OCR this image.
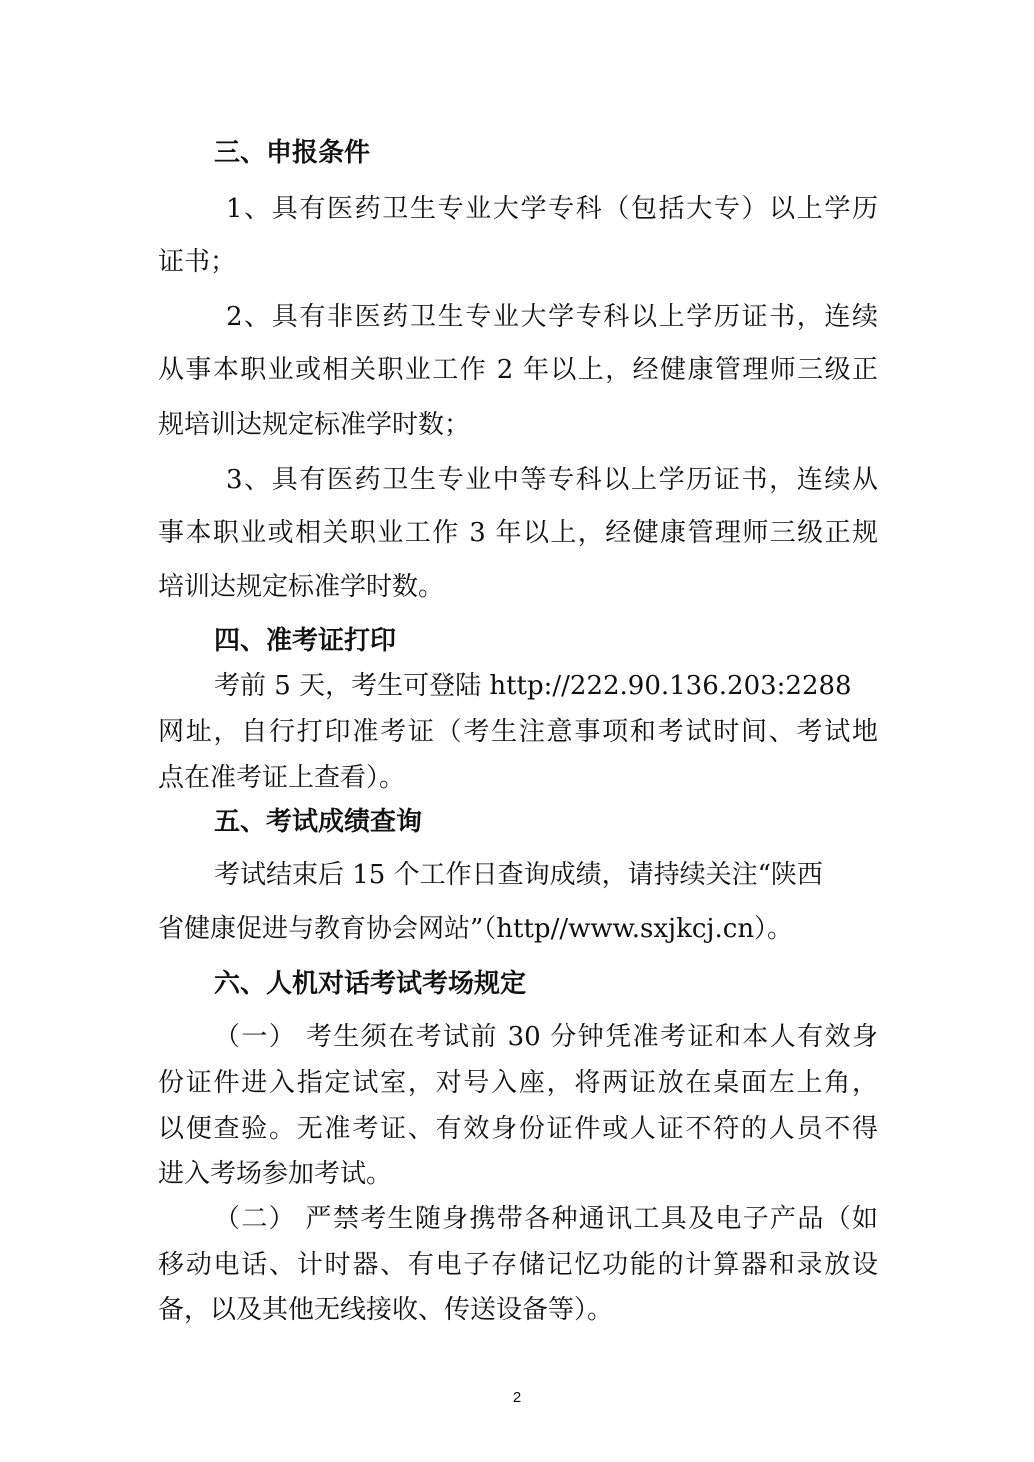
三、申报条件
1、具有医药卫生专业大学专科（包括大专）以上学历
证书；
2、具有非医药卫生专业大学专科以上学历证书，连续
从事本职业或相关职业工作 2 年以上，经健康管理师三级正
规培训达规定标准学时数；
3、具有医药卫生专业中等专科以上学历证书，连续从
事本职业或相关职业工作 3 年以上，经健康管理师三级正规
培训达规定标准学时数。
四、准考证打印
考前 5 天，考生可登陆 http://222.90.136.203:2288
网址，自行打印准考证（考生注意事项和考试时间、考试地
点在准考证上查看）。
五、考试成绩查询
考试结束后 15 个工作日查询成绩，请持续关注“陕西
省健康促进与教育协会网站”（http//www.sxjkcj.cn）。
六、人机对话考试考场规定
（一） 考生须在考试前 30 分钟凭准考证和本人有效身
份证件进入指定试室，对号入座，将两证放在桌面左上角，
以便查验。无准考证、有效身份证件或人证不符的人员不得
进入考场参加考试。
（二） 严禁考生随身携带各种通讯工具及电子产品（如
移动电话、计时器、有电子存储记忆功能的计算器和录放设
备，以及其他无线接收、传送设备等）。
2
